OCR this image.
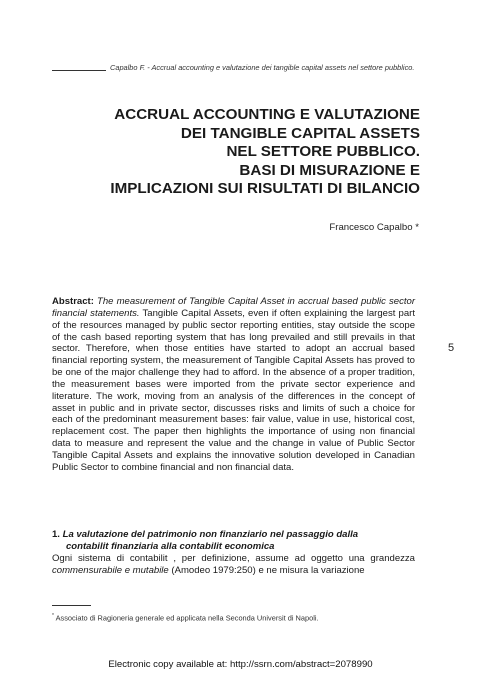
Capalbo F. - Accrual accounting e valutazione dei tangible capital assets nel settore pubblico.
ACCRUAL ACCOUNTING E VALUTAZIONE
DEI TANGIBLE CAPITAL ASSETS
NEL SETTORE PUBBLICO.
BASI DI MISURAZIONE E
IMPLICAZIONI SUI RISULTATI DI BILANCIO
Francesco Capalbo *
5
Abstract: The measurement of Tangible Capital Asset in accrual based public sector financial statements. Tangible Capital Assets, even if often explaining the largest part of the resources managed by public sector reporting entities, stay outside the scope of the cash based reporting system that has long prevailed and still prevails in that sector. Therefore, when those entities have started to adopt an accrual based financial reporting system, the measurement of Tangible Capital Assets has proved to be one of the major challenge they had to afford. In the absence of a proper tradition, the measurement bases were imported from the private sector experience and literature. The work, moving from an analysis of the differences in the concept of asset in public and in private sector, discusses risks and limits of such a choice for each of the predominant measurement bases: fair value, value in use, historical cost, replacement cost. The paper then highlights the importance of using non financial data to measure and represent the value and the change in value of Public Sector Tangible Capital Assets and explains the innovative solution developed in Canadian Public Sector to combine financial and non financial data.
1. La valutazione del patrimonio non finanziario nel passaggio dalla
contabilit finanziaria alla contabilit economica
Ogni sistema di contabilit , per definizione, assume ad oggetto una grandezza commensurabile e mutabile (Amodeo 1979:250) e ne misura la variazione
* Associato di Ragioneria generale ed applicata nella Seconda Universit di Napoli.
Electronic copy available at: http://ssrn.com/abstract=2078990
